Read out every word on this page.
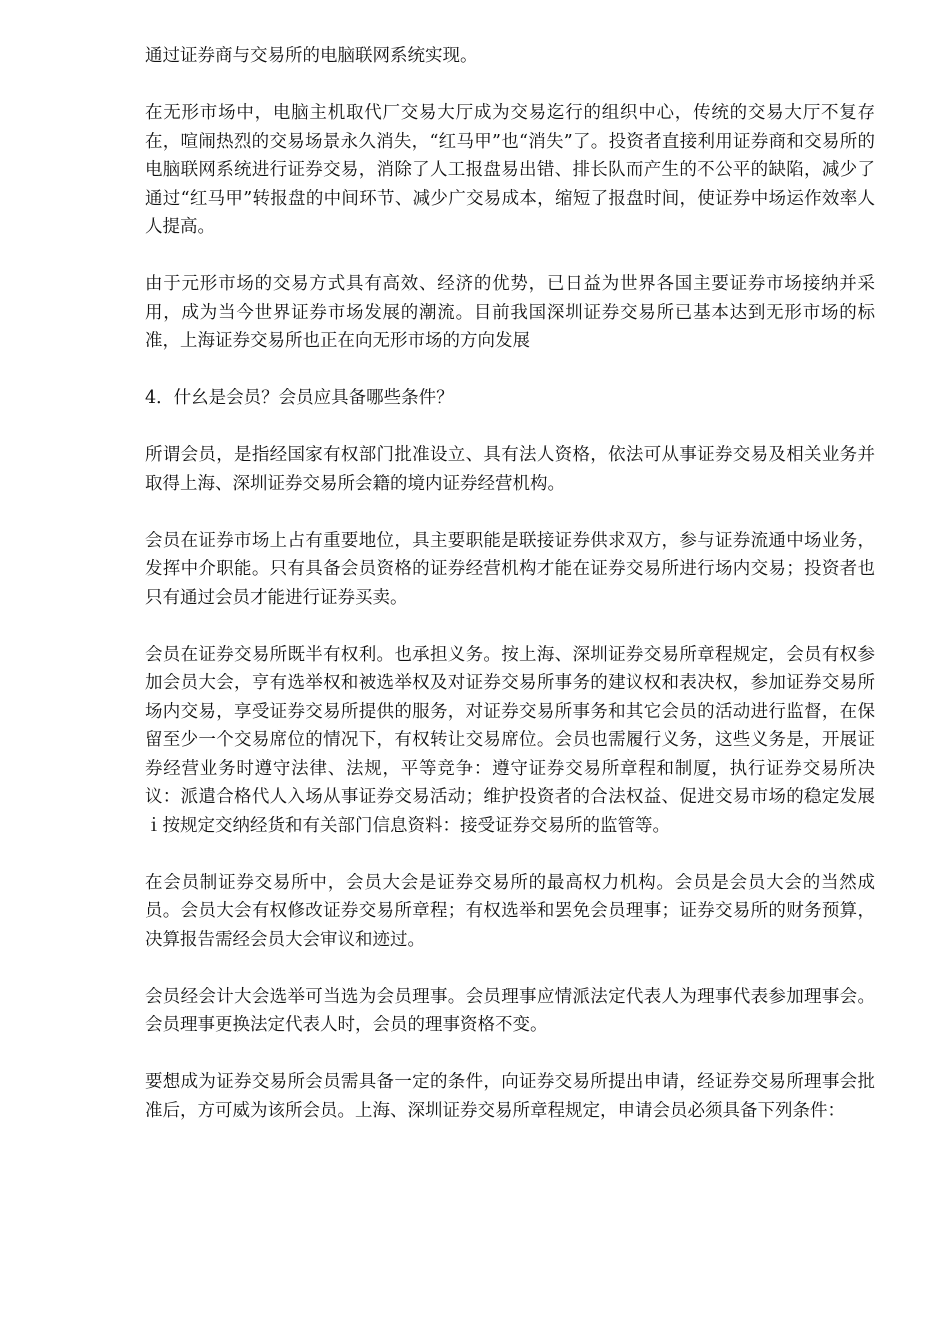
通过证券商与交易所的电脑联网系统实现。

在无形市场中，电脑主机取代厂交易大厅成为交易迄行的组织中心，传统的交易大厅不复存在，喧闹热烈的交易场景永久消失，“红马甲”也“消失”了。投资者直接利用证券商和交易所的电脑联网系统进行证券交易，消除了人工报盘易出错、排长队而产生的不公平的缺陷，减少了通过“红马甲”转报盘的中间环节、减少广交易成本，缩短了报盘时间，使证券中场运作效率人人提高。

由于元形市场的交易方式具有高效、经济的优势，已日益为世界各国主要证券市场接纳并采用，成为当今世界证券市场发展的潮流。目前我国深圳证券交易所已基本达到无形市场的标准，上海证券交易所也正在向无形市场的方向发展

4．什幺是会员？会员应具备哪些条件？

所谓会员，是指经国家有权部门批准设立、具有法人资格，依法可从事证券交易及相关业务并取得上海、深圳证券交易所会籍的境内证券经营机构。

会员在证券市场上占有重要地位，具主要职能是联接证券供求双方，参与证券流通中场业务，发挥中介职能。只有具备会员资格的证券经营机构才能在证券交易所进行场内交易；投资者也只有通过会员才能进行证券买卖。

会员在证券交易所既半有权利。也承担义务。按上海、深圳证券交易所章程规定，会员有权参加会员大会，亨有选举权和被选举权及对证券交易所事务的建议权和表决权，参加证券交易所场内交易，享受证券交易所提供的服务，对证券交易所事务和其它会员的活动进行监督，在保留至少一个交易席位的情况下，有权转让交易席位。会员也需履行义务，这些义务是，开展证券经营业务时遵守法律、法规，平等竞争：遵守证券交易所章程和制厦，执行证券交易所决议：派遣合格代人入场从事证券交易活动；维护投资者的合法权益、促进交易市场的稳定发展ｉ按规定交纳经货和有关部门信息资料：接受证券交易所的监管等。

在会员制证券交易所中，会员大会是证券交易所的最高权力机构。会员是会员大会的当然成员。会员大会有权修改证券交易所章程；有权选举和罢免会员理事；证券交易所的财务预算，决算报告需经会员大会审议和迹过。

会员经会计大会选举可当选为会员理事。会员理事应情派法定代表人为理事代表参加理事会。会员理事更换法定代表人时，会员的理事资格不变。

要想成为证券交易所会员需具备一定的条件，向证券交易所提出申请，经证券交易所理事会批准后，方可威为该所会员。上海、深圳证券交易所章程规定，申请会员必须具备下列条件：
